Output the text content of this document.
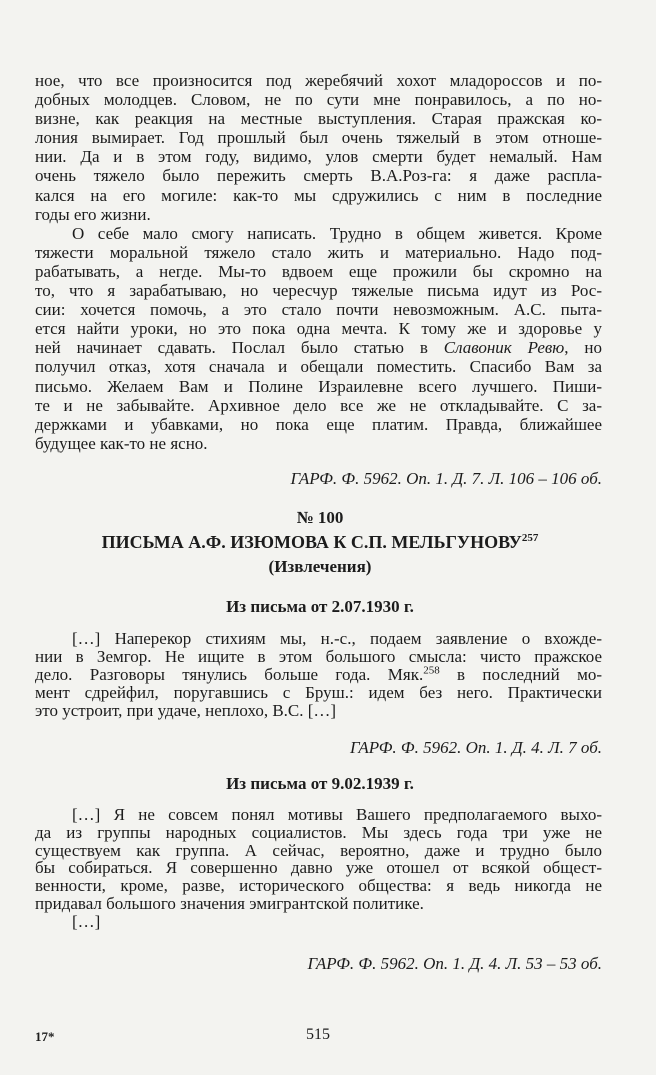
ное, что все произносится под жеребячий хохот младороссов и по-
добных молодцев. Словом, не по сути мне понравилось, а по но-
визне, как реакция на местные выступления. Старая пражская ко-
лония вымирает. Год прошлый был очень тяжелый в этом отноше-
нии. Да и в этом году, видимо, улов смерти будет немалый. Нам
очень тяжело было пережить смерть В.А.Роз-га: я даже распла-
кался на его могиле: как-то мы сдружились с ним в последние
годы его жизни.
О себе мало смогу написать. Трудно в общем живется. Кроме
тяжести моральной тяжело стало жить и материально. Надо под-
рабатывать, а негде. Мы-то вдвоем еще прожили бы скромно на
то, что я зарабатываю, но чересчур тяжелые письма идут из Рос-
сии: хочется помочь, а это стало почти невозможным. А.С. пыта-
ется найти уроки, но это пока одна мечта. К тому же и здоровье у
ней начинает сдавать. Послал было статью в Славоник Ревю, но
получил отказ, хотя сначала и обещали поместить. Спасибо Вам за
письмо. Желаем Вам и Полине Израилевне всего лучшего. Пиши-
те и не забывайте. Архивное дело все же не откладывайте. С за-
держками и убавками, но пока еще платим. Правда, ближайшее
будущее как-то не ясно.
ГАРФ. Ф. 5962. Оп. 1. Д. 7. Л. 106 – 106 об.
№ 100
ПИСЬМА А.Ф. ИЗЮМОВА К С.П. МЕЛЬГУНОВУ$^{257}$
(Извлечения)
Из письма от 2.07.1930 г.
[…] Наперекор стихиям мы, н.-с., подаем заявление о вхожде-
нии в Земгор. Не ищите в этом большого смысла: чисто пражское
дело. Разговоры тянулись больше года. Мяк.$^{258}$ в последний мо-
мент сдрейфил, поругавшись с Бруш.: идем без него. Практически
это устроит, при удаче, неплохо, В.С. […]
ГАРФ. Ф. 5962. Оп. 1. Д. 4. Л. 7 об.
Из письма от 9.02.1939 г.
[…] Я не совсем понял мотивы Вашего предполагаемого выхо-
да из группы народных социалистов. Мы здесь года три уже не
существуем как группа. А сейчас, вероятно, даже и трудно было
бы собираться. Я совершенно давно уже отошел от всякой общест-
венности, кроме, разве, исторического общества: я ведь никогда не
придавал большого значения эмигрантской политике.
[…]
ГАРФ. Ф. 5962. Оп. 1. Д. 4. Л. 53 – 53 об.
17*	515
